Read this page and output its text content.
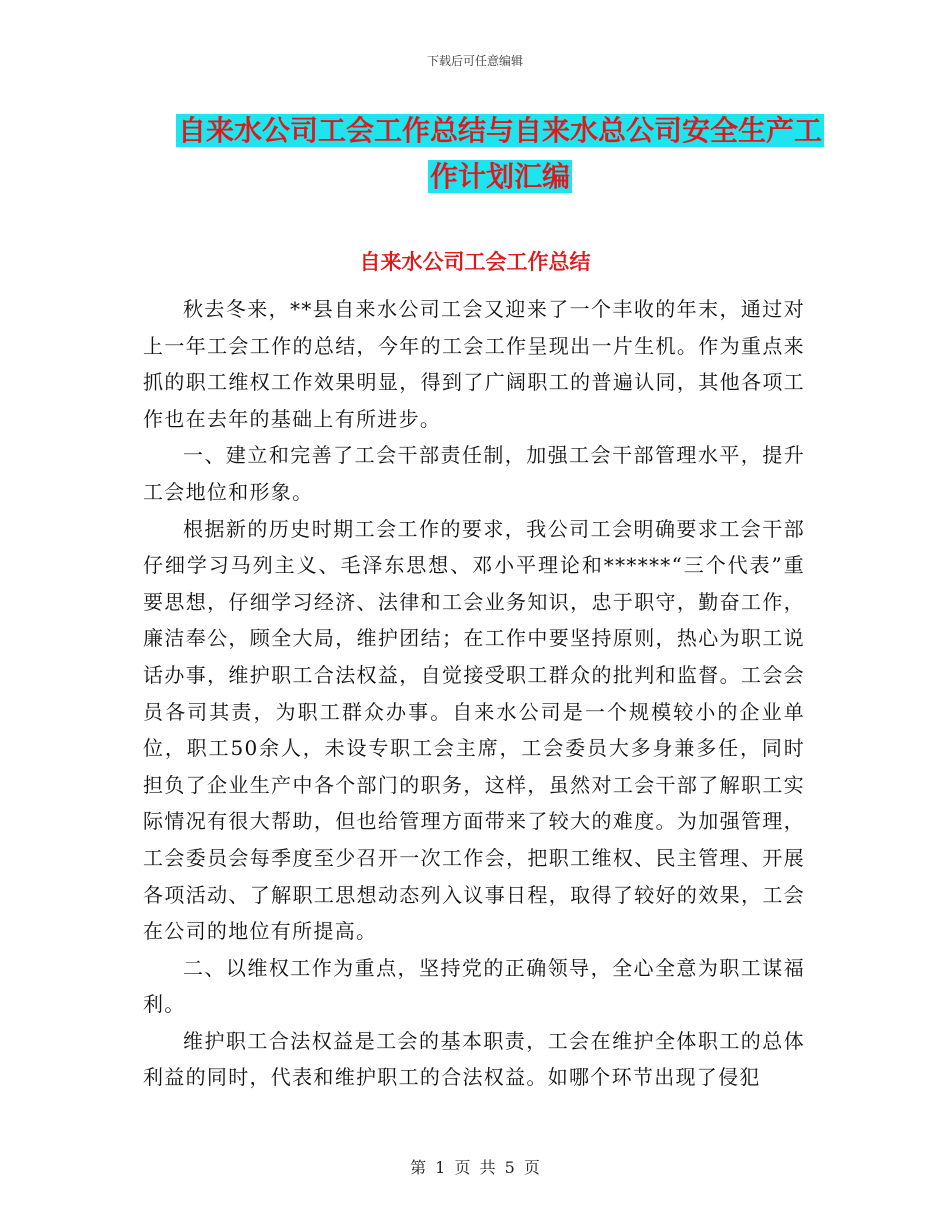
下载后可任意编辑
自来水公司工会工作总结与自来水总公司安全生产工
作计划汇编
自来水公司工会工作总结

秋去冬来，**县自来水公司工会又迎来了一个丰收的年末，通过对上一年工会工作的总结，今年的工会工作呈现出一片生机。作为重点来抓的职工维权工作效果明显，得到了广阔职工的普遍认同，其他各项工作也在去年的基础上有所进步。

一、建立和完善了工会干部责任制，加强工会干部管理水平，提升工会地位和形象。

根据新的历史时期工会工作的要求，我公司工会明确要求工会干部仔细学习马列主义、毛泽东思想、邓小平理论和******“三个代表”重要思想，仔细学习经济、法律和工会业务知识，忠于职守，勤奋工作，廉洁奉公，顾全大局，维护团结；在工作中要坚持原则，热心为职工说话办事，维护职工合法权益，自觉接受职工群众的批判和监督。工会会员各司其责，为职工群众办事。自来水公司是一个规模较小的企业单位，职工50余人，未设专职工会主席，工会委员大多身兼多任，同时担负了企业生产中各个部门的职务，这样，虽然对工会干部了解职工实际情况有很大帮助，但也给管理方面带来了较大的难度。为加强管理，工会委员会每季度至少召开一次工作会，把职工维权、民主管理、开展各项活动、了解职工思想动态列入议事日程，取得了较好的效果，工会在公司的地位有所提高。

二、以维权工作为重点，坚持党的正确领导，全心全意为职工谋福利。

维护职工合法权益是工会的基本职责，工会在维护全体职工的总体利益的同时，代表和维护职工的合法权益。如哪个环节出现了侵犯

第 1 页 共 5 页
